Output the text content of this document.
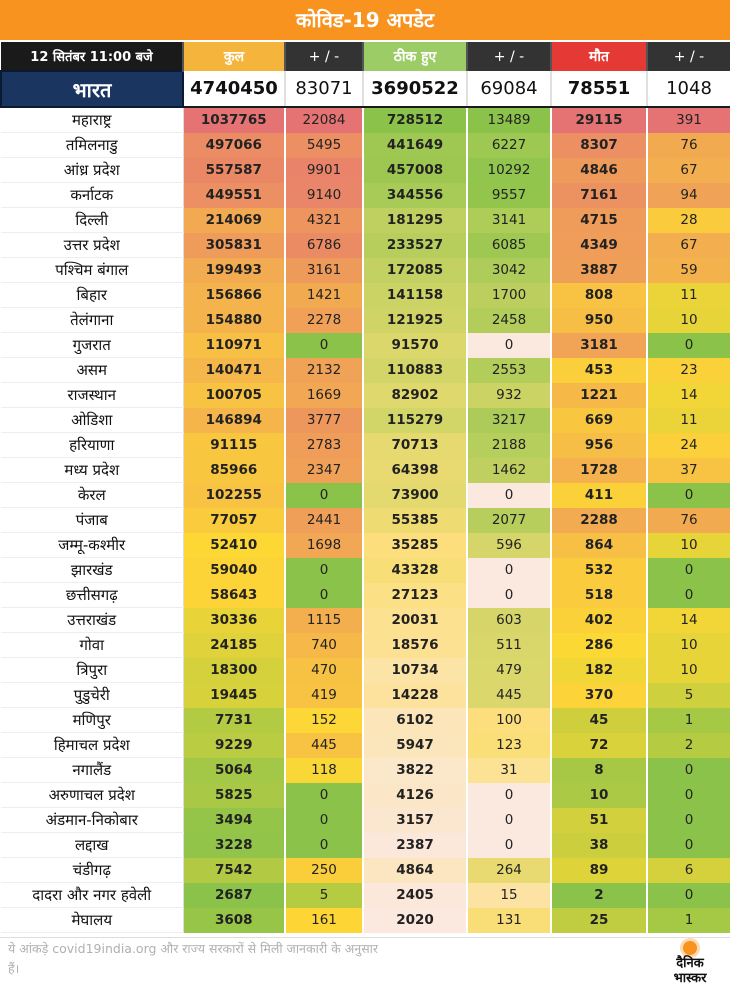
कोविड-19 अपडेट
12 सितंबर 11:00 बजे	कुल	+ / -	ठीक हुए	+ / -	मौत	+ / -
भारत	4740450	83071	3690522	69084	78551	1048
महाराष्ट्र	1037765	22084	728512	13489	29115	391
तमिलनाडु	497066	5495	441649	6227	8307	76
आंध्र प्रदेश	557587	9901	457008	10292	4846	67
कर्नाटक	449551	9140	344556	9557	7161	94
दिल्ली	214069	4321	181295	3141	4715	28
उत्तर प्रदेश	305831	6786	233527	6085	4349	67
पश्चिम बंगाल	199493	3161	172085	3042	3887	59
बिहार	156866	1421	141158	1700	808	11
तेलंगाना	154880	2278	121925	2458	950	10
गुजरात	110971	0	91570	0	3181	0
असम	140471	2132	110883	2553	453	23
राजस्थान	100705	1669	82902	932	1221	14
ओडिशा	146894	3777	115279	3217	669	11
हरियाणा	91115	2783	70713	2188	956	24
मध्य प्रदेश	85966	2347	64398	1462	1728	37
केरल	102255	0	73900	0	411	0
पंजाब	77057	2441	55385	2077	2288	76
जम्मू-कश्मीर	52410	1698	35285	596	864	10
झारखंड	59040	0	43328	0	532	0
छत्तीसगढ़	58643	0	27123	0	518	0
उत्तराखंड	30336	1115	20031	603	402	14
गोवा	24185	740	18576	511	286	10
त्रिपुरा	18300	470	10734	479	182	10
पुडुचेरी	19445	419	14228	445	370	5
मणिपुर	7731	152	6102	100	45	1
हिमाचल प्रदेश	9229	445	5947	123	72	2
नगालैंड	5064	118	3822	31	8	0
अरुणाचल प्रदेश	5825	0	4126	0	10	0
अंडमान-निकोबार	3494	0	3157	0	51	0
लद्दाख	3228	0	2387	0	38	0
चंडीगढ़	7542	250	4864	264	89	6
दादरा और नगर हवेली	2687	5	2405	15	2	0
मेघालय	3608	161	2020	131	25	1
ये आंकड़े covid19india.org और राज्य सरकारों से मिली जानकारी के अनुसार हैं।	दैनिक
भास्कर
